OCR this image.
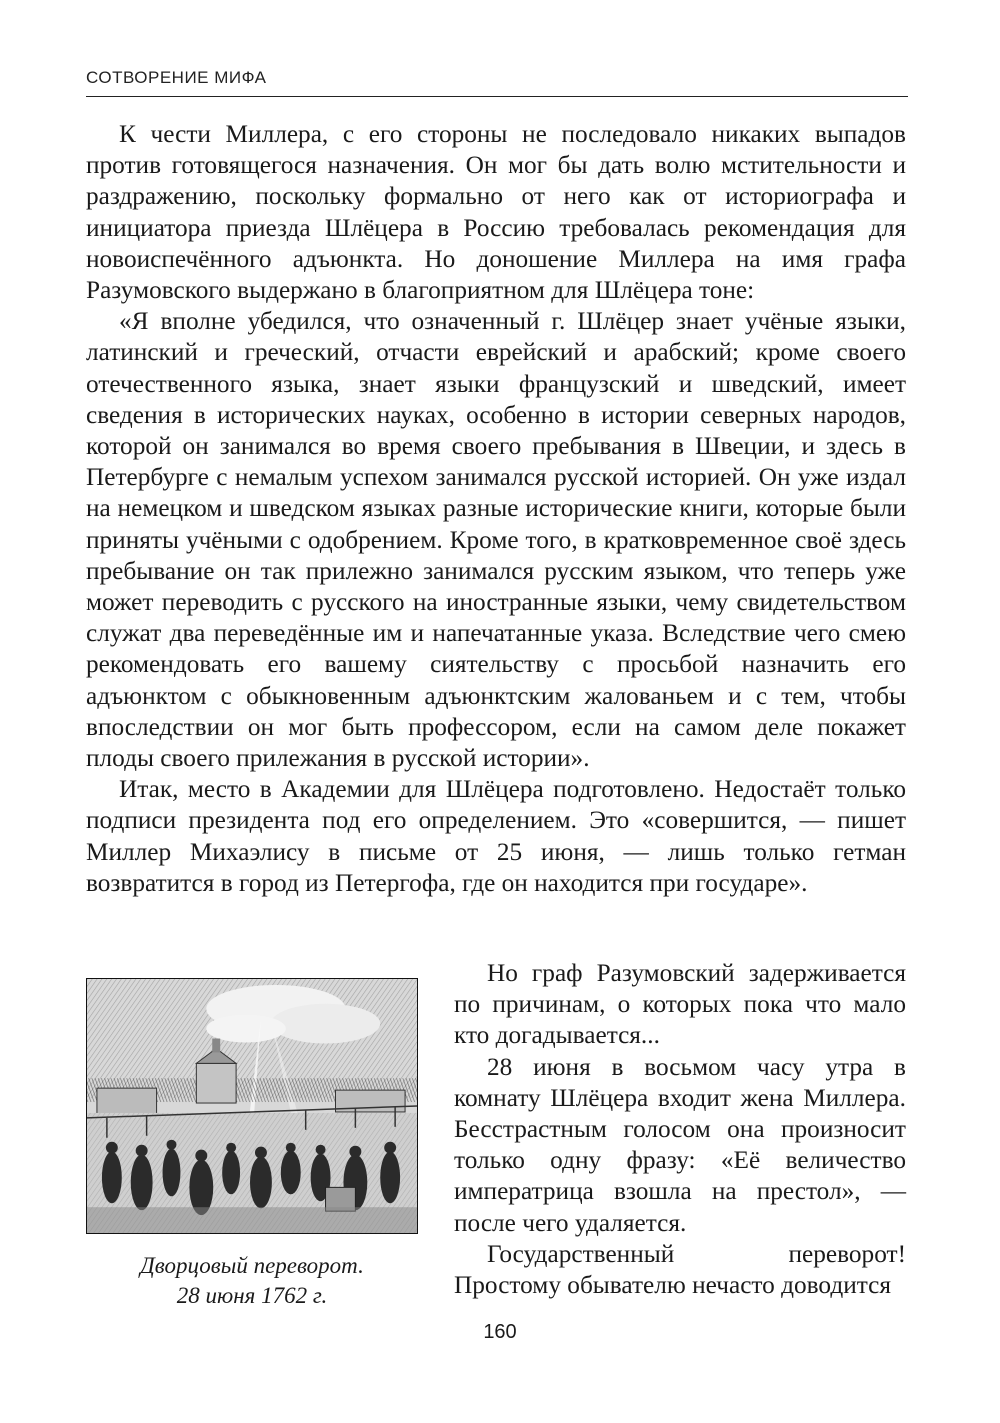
СОТВОРЕНИЕ МИФА

К чести Миллера, с его стороны не последовало никаких выпадов против готовящегося назначения. Он мог бы дать волю мстительности и раздражению, поскольку формально от него как от историографа и инициатора приезда Шлёцера в Россию требовалась рекомендация для новоиспечённого адъюнкта. Но доношение Миллера на имя графа Разумовского выдержано в благоприятном для Шлёцера тоне:

«Я вполне убедился, что означенный г. Шлёцер знает учёные языки, латинский и греческий, отчасти еврейский и арабский; кроме своего отечественного языка, знает языки французский и шведский, имеет сведения в исторических науках, особенно в истории северных народов, которой он занимался во время своего пребывания в Швеции, и здесь в Петербурге с немалым успехом занимался русской историей. Он уже издал на немецком и шведском языках разные исторические книги, которые были приняты учёными с одобрением. Кроме того, в кратковременное своё здесь пребывание он так прилежно занимался русским языком, что теперь уже может переводить с русского на иностранные языки, чему свидетельством служат два переведённые им и напечатанные указа. Вследствие чего смею рекомендовать его вашему сиятельству с просьбой назначить его адъюнктом с обыкновенным адъюнктским жалованьем и с тем, чтобы впоследствии он мог быть профессором, если на самом деле покажет плоды своего прилежания в русской истории».

Итак, место в Академии для Шлёцера подготовлено. Недостаёт только подписи президента под его определением. Это «совершится, — пишет Миллер Михаэлису в письме от 25 июня, — лишь только гетман возвратится в город из Петергофа, где он находится при государе».

Дворцовый переворот.
28 июня 1762 г.

Но граф Разумовский задерживается по причинам, о которых пока что мало кто догадывается...

28 июня в восьмом часу утра в комнату Шлёцера входит жена Миллера. Бесстрастным голосом она произносит только одну фразу: «Её величество императрица взошла на престол», — после чего удаляется.

Государственный переворот! Простому обывателю нечасто доводится

160
